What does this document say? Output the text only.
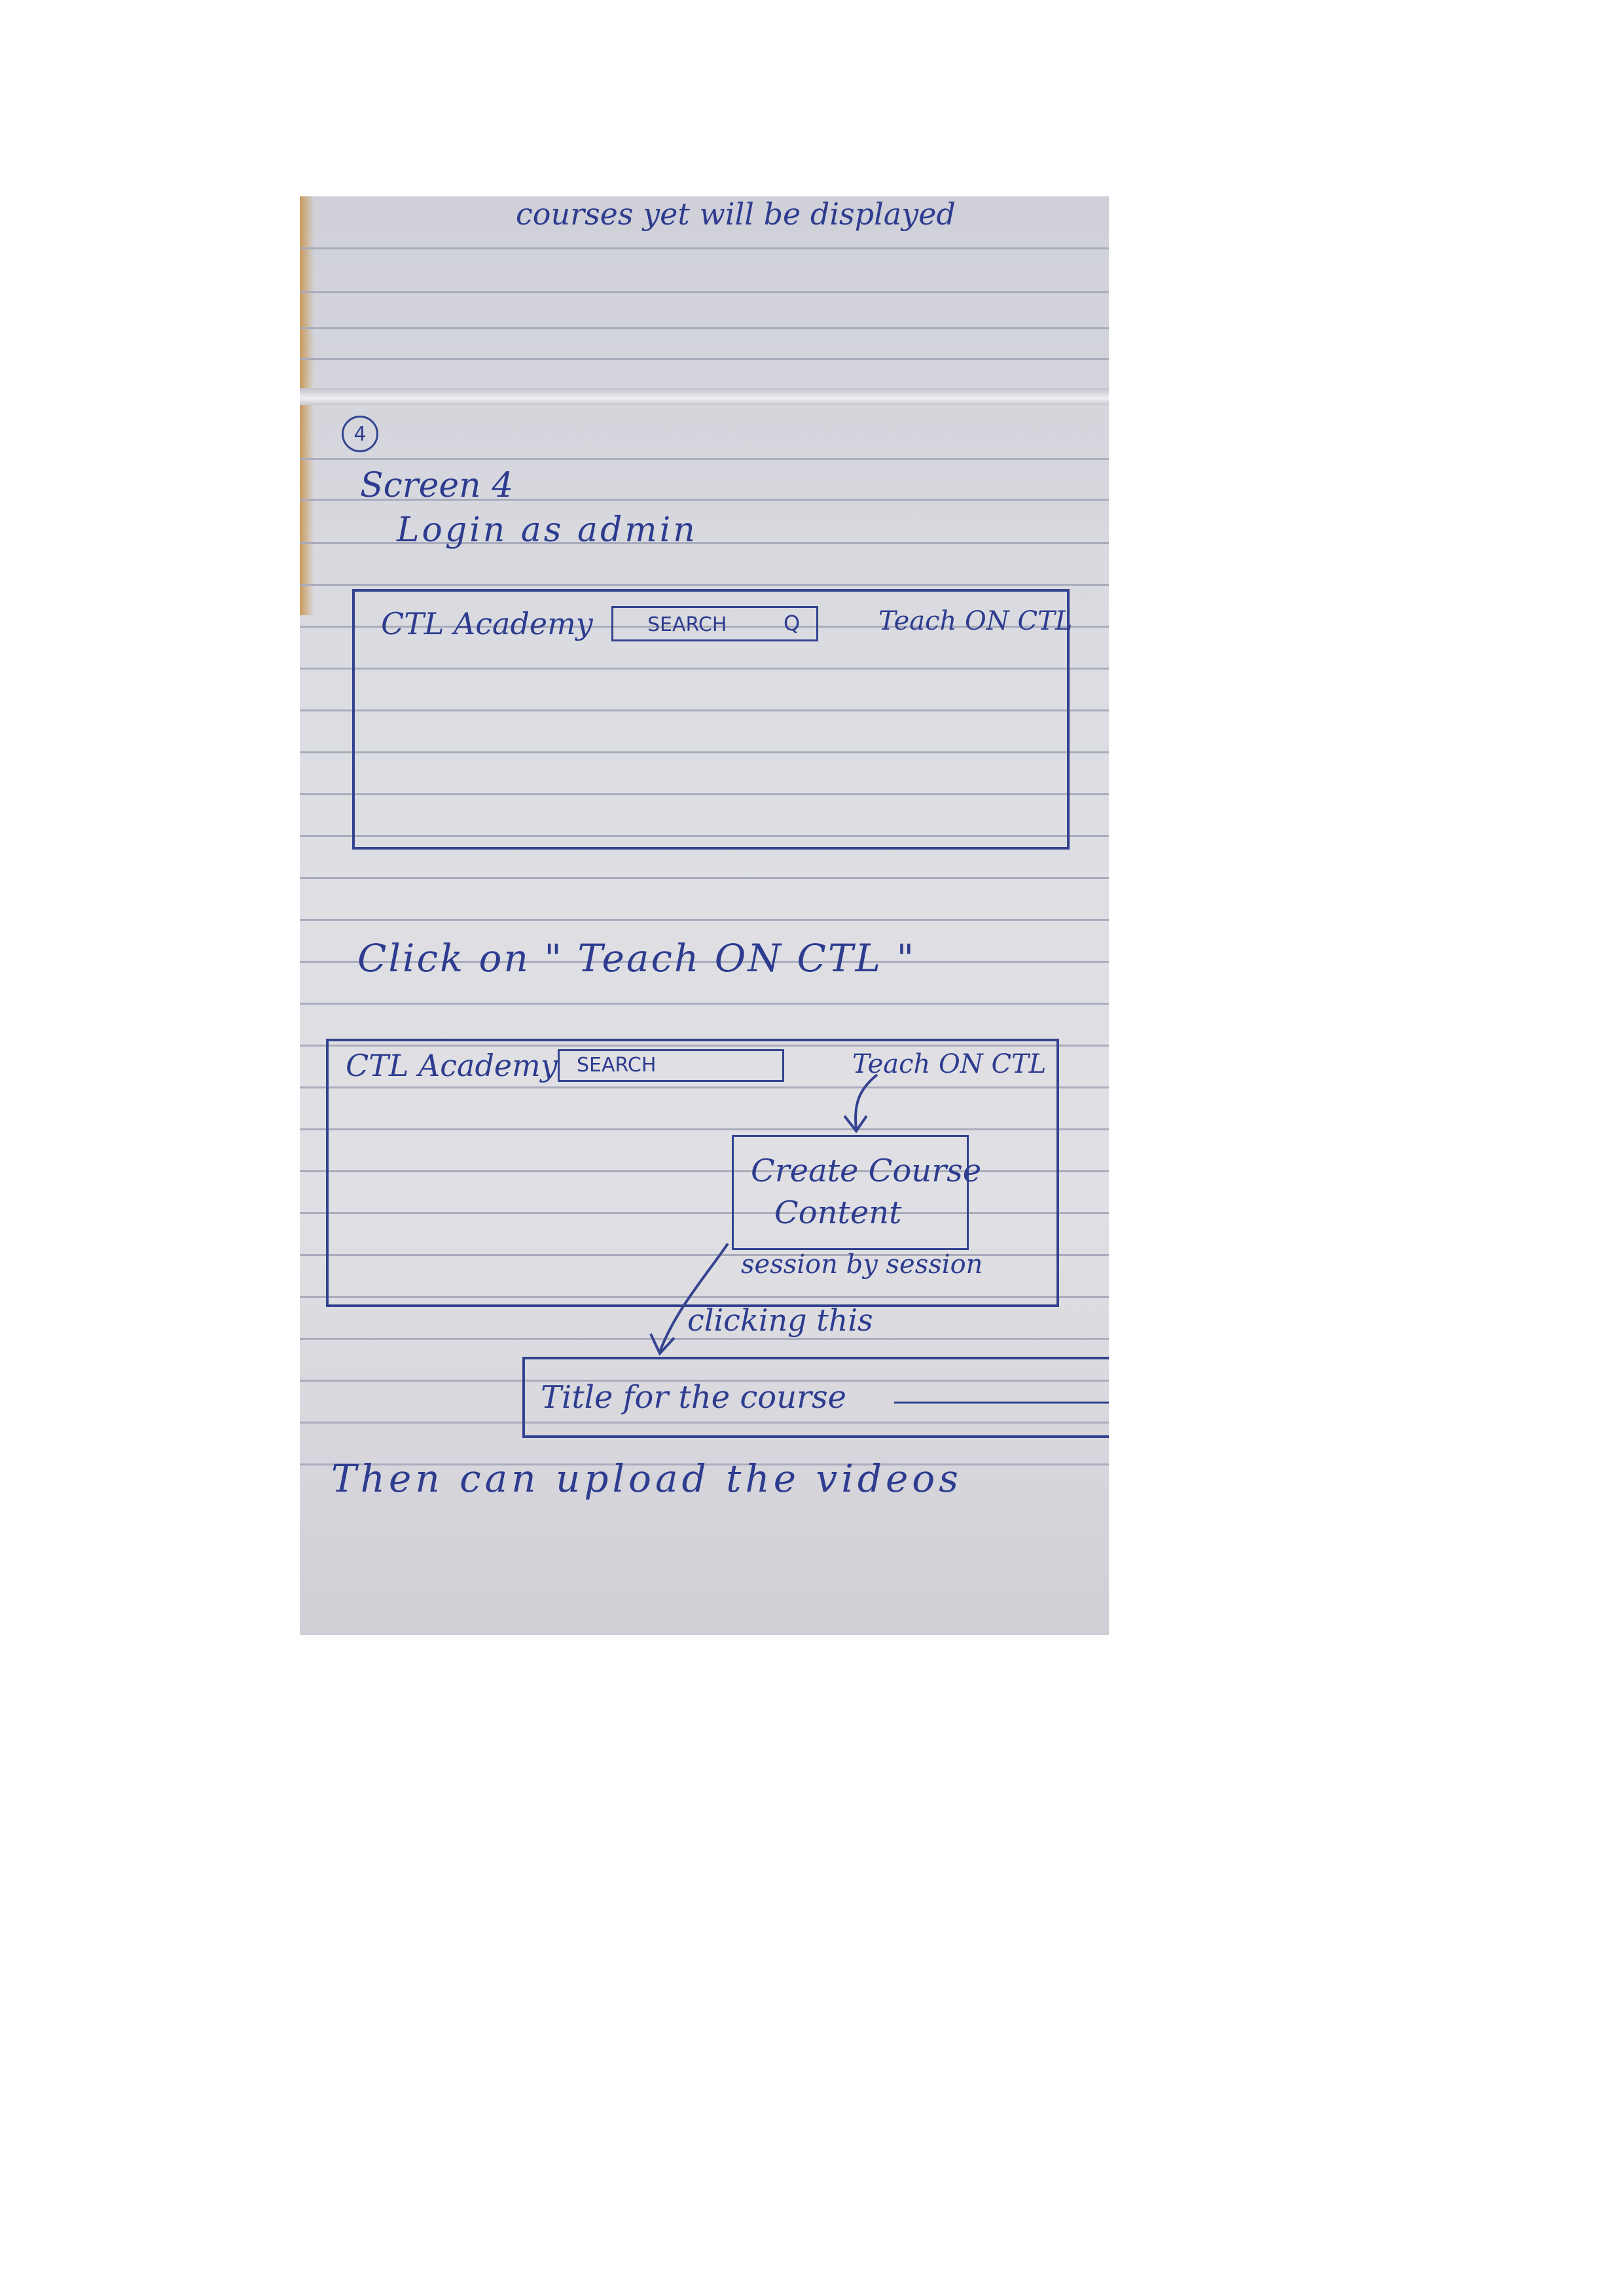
courses yet will be displayed
4
Screen 4
Login as admin
CTL Academy	SEARCH	Q	Teach ON CTL
Click on " Teach ON CTL "
CTL Academy SEARCH	Teach ON CTL
Create Course
Content
session by session
clicking this
Title for the course
Then can upload the videos
